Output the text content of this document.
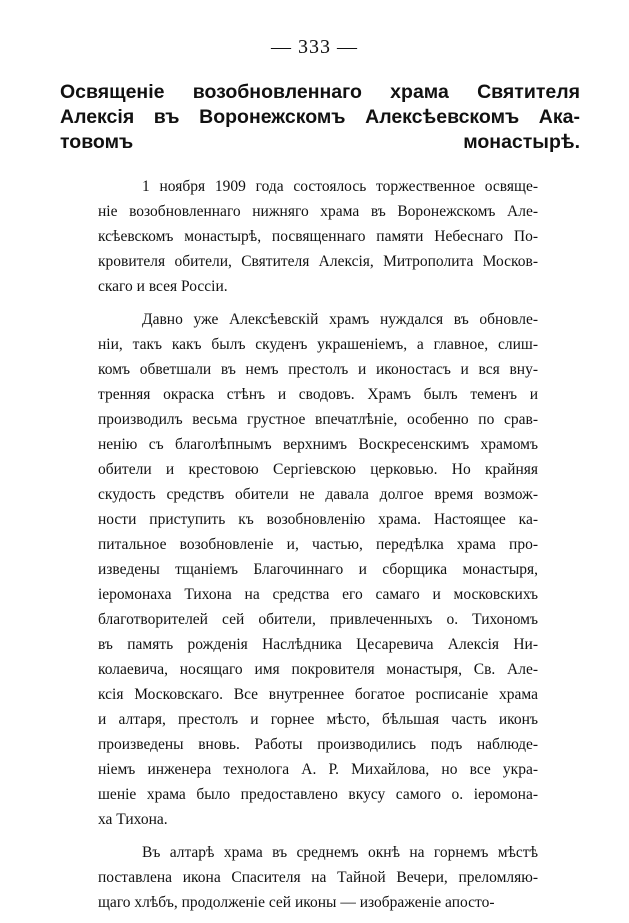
— 333 —
Освященіе возобновленнаго храма Святителя
Алексія въ Воронежскомъ Алексѣевскомъ Ака-
товомъ монастырѣ.
1 ноября 1909 года состоялось торжественное освяще-
ніе возобновленнаго нижняго храма въ Воронежскомъ Але-
ксѣевскомъ монастырѣ, посвященнаго памяти Небеснаго По-
кровителя обители, Святителя Алексія, Митрополита Москов-
скаго и всея Россіи.
Давно уже Алексѣевскій храмъ нуждался въ обновле-
ніи, такъ какъ былъ скуденъ украшеніемъ, а главное, слиш-
комъ обветшали въ немъ престолъ и иконостасъ и вся вну-
тренняя окраска стѣнъ и сводовъ. Храмъ былъ теменъ и
производилъ весьма грустное впечатлѣніе, особенно по срав-
ненію съ благолѣпнымъ верхнимъ Воскресенскимъ храмомъ
обители и крестовою Сергіевскою церковью. Но крайняя
скудость средствъ обители не давала долгое время возмож-
ности приступить къ возобновленію храма. Настоящее ка-
питальное возобновленіе и, частью, передѣлка храма про-
изведены тщаніемъ Благочиннаго и сборщика монастыря,
іеромонаха Тихона на средства его самаго и московскихъ
благотворителей сей обители, привлеченныхъ о. Тихономъ
въ память рожденія Наслѣдника Цесаревича Алексія Ни-
колаевича, носящаго имя покровителя монастыря, Св. Але-
ксія Московскаго. Все внутреннее богатое росписаніе храма
и алтаря, престолъ и горнее мѣсто, бѣльшая часть иконъ
произведены вновь. Работы производились подъ наблюде-
ніемъ инженера технолога А. Р. Михайлова, но все укра-
шеніе храма было предоставлено вкусу самого о. іеромона-
ха Тихона.
Въ алтарѣ храма въ среднемъ окнѣ на горнемъ мѣстѣ
поставлена икона Спасителя на Тайной Вечери, преломляю-
щаго хлѣбъ, продолженіе сей иконы — изображеніе апосто-
